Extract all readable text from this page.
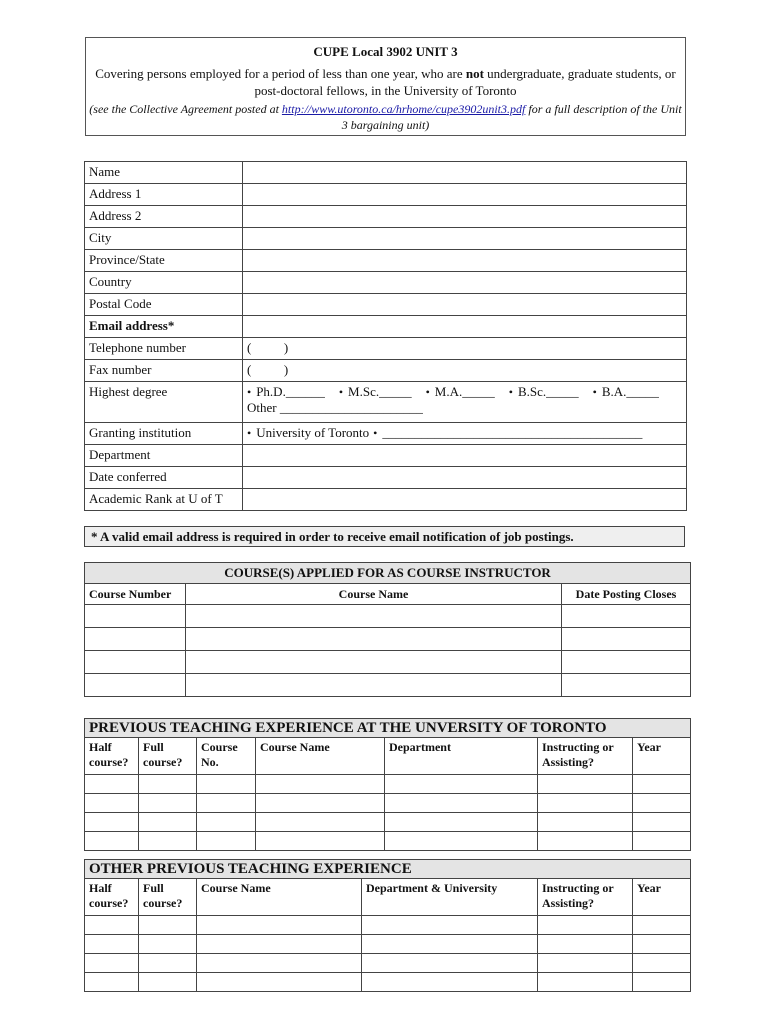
CUPE Local 3902 UNIT 3
Covering persons employed for a period of less than one year, who are not undergraduate, graduate students, or post-doctoral fellows, in the University of Toronto
(see the Collective Agreement posted at http://www.utoronto.ca/hrhome/cupe3902unit3.pdf for a full description of the Unit 3 bargaining unit)
Name	
Address 1	
Address 2	
City	
Province/State	
Country	
Postal Code	
Email address*	
Telephone number	(          )
Fax number	(          )
Highest degree	• Ph.D.______ • M.Sc._____ • M.A._____ • B.Sc._____ • B.A._____
Other ______________________
Granting institution	• University of Toronto • ________________________________________
Department	
Date conferred	
Academic Rank at U of T	
* A valid email address is required in order to receive email notification of job postings.
COURSE(S) APPLIED FOR AS COURSE INSTRUCTOR		
Course Number	Course Name	Date Posting Closes

PREVIOUS TEACHING EXPERIENCE AT THE UNVERSITY OF TORONTO						
Half course?	Full course?	Course No.	Course Name	Department	Instructing or Assisting?	Year

OTHER PREVIOUS TEACHING EXPERIENCE					
Half course?	Full course?	Course Name	Department & University	Instructing or Assisting?	Year
